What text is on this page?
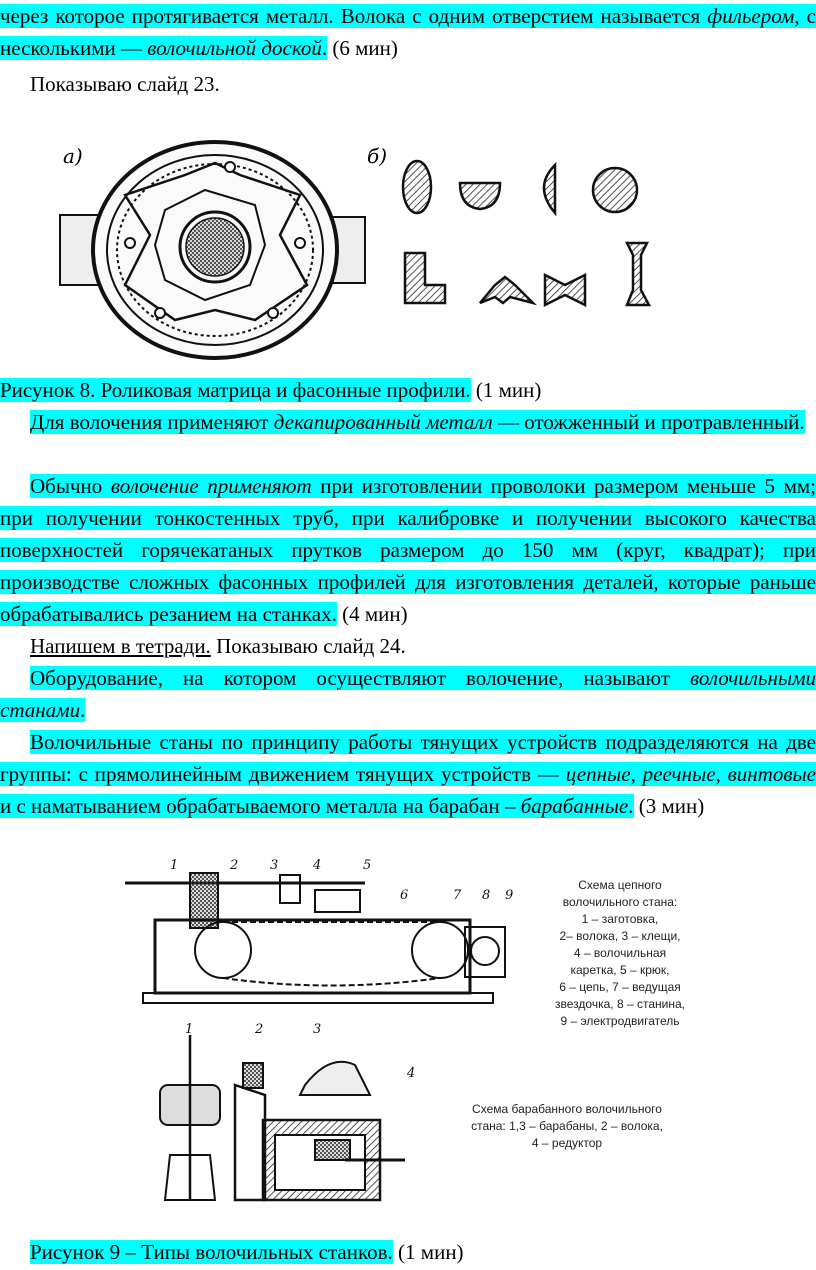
через которое протягивается металл. Волока с одним отверстием называется фильером, с несколькими — волочильной доской. (6 мин)

Показываю слайд 23.

а)	б)

Рисунок 8. Роликовая матрица и фасонные профили. (1 мин)

Для волочения применяют декапированный металл — отожженный и протравленный.

Обычно волочение применяют при изготовлении проволоки размером меньше 5 мм; при получении тонкостенных труб, при калибровке и получении высокого качества поверхностей горячекатаных прутков размером до 150 мм (круг, квадрат); при производстве сложных фасонных профилей для изготовления деталей, которые раньше обрабатывались резанием на станках. (4 мин)

Напишем в тетради. Показываю слайд 24.

Оборудование, на котором осуществляют волочение, называют волочильными станами.

Волочильные станы по принципу работы тянущих устройств подразделяются на две группы: с прямолинейным движением тянущих устройств — цепные, реечные, винтовые и с наматыванием обрабатываемого металла на барабан – барабанные. (3 мин)

1	2 3	4	5
6	7 8 9
Схема цепного
волочильного стана:
1 – заготовка,
2– волока, 3 – клещи,
4 – волочильная
каретка, 5 – крюк,
6 – цепь, 7 – ведущая
звездочка, 8 – станина,
9 – электродвигатель
1	2	3
4
Схема барабанного волочильного
стана: 1,3 – барабаны, 2 – волока,
4 – редуктор

Рисунок 9 – Типы волочильных станков. (1 мин)
